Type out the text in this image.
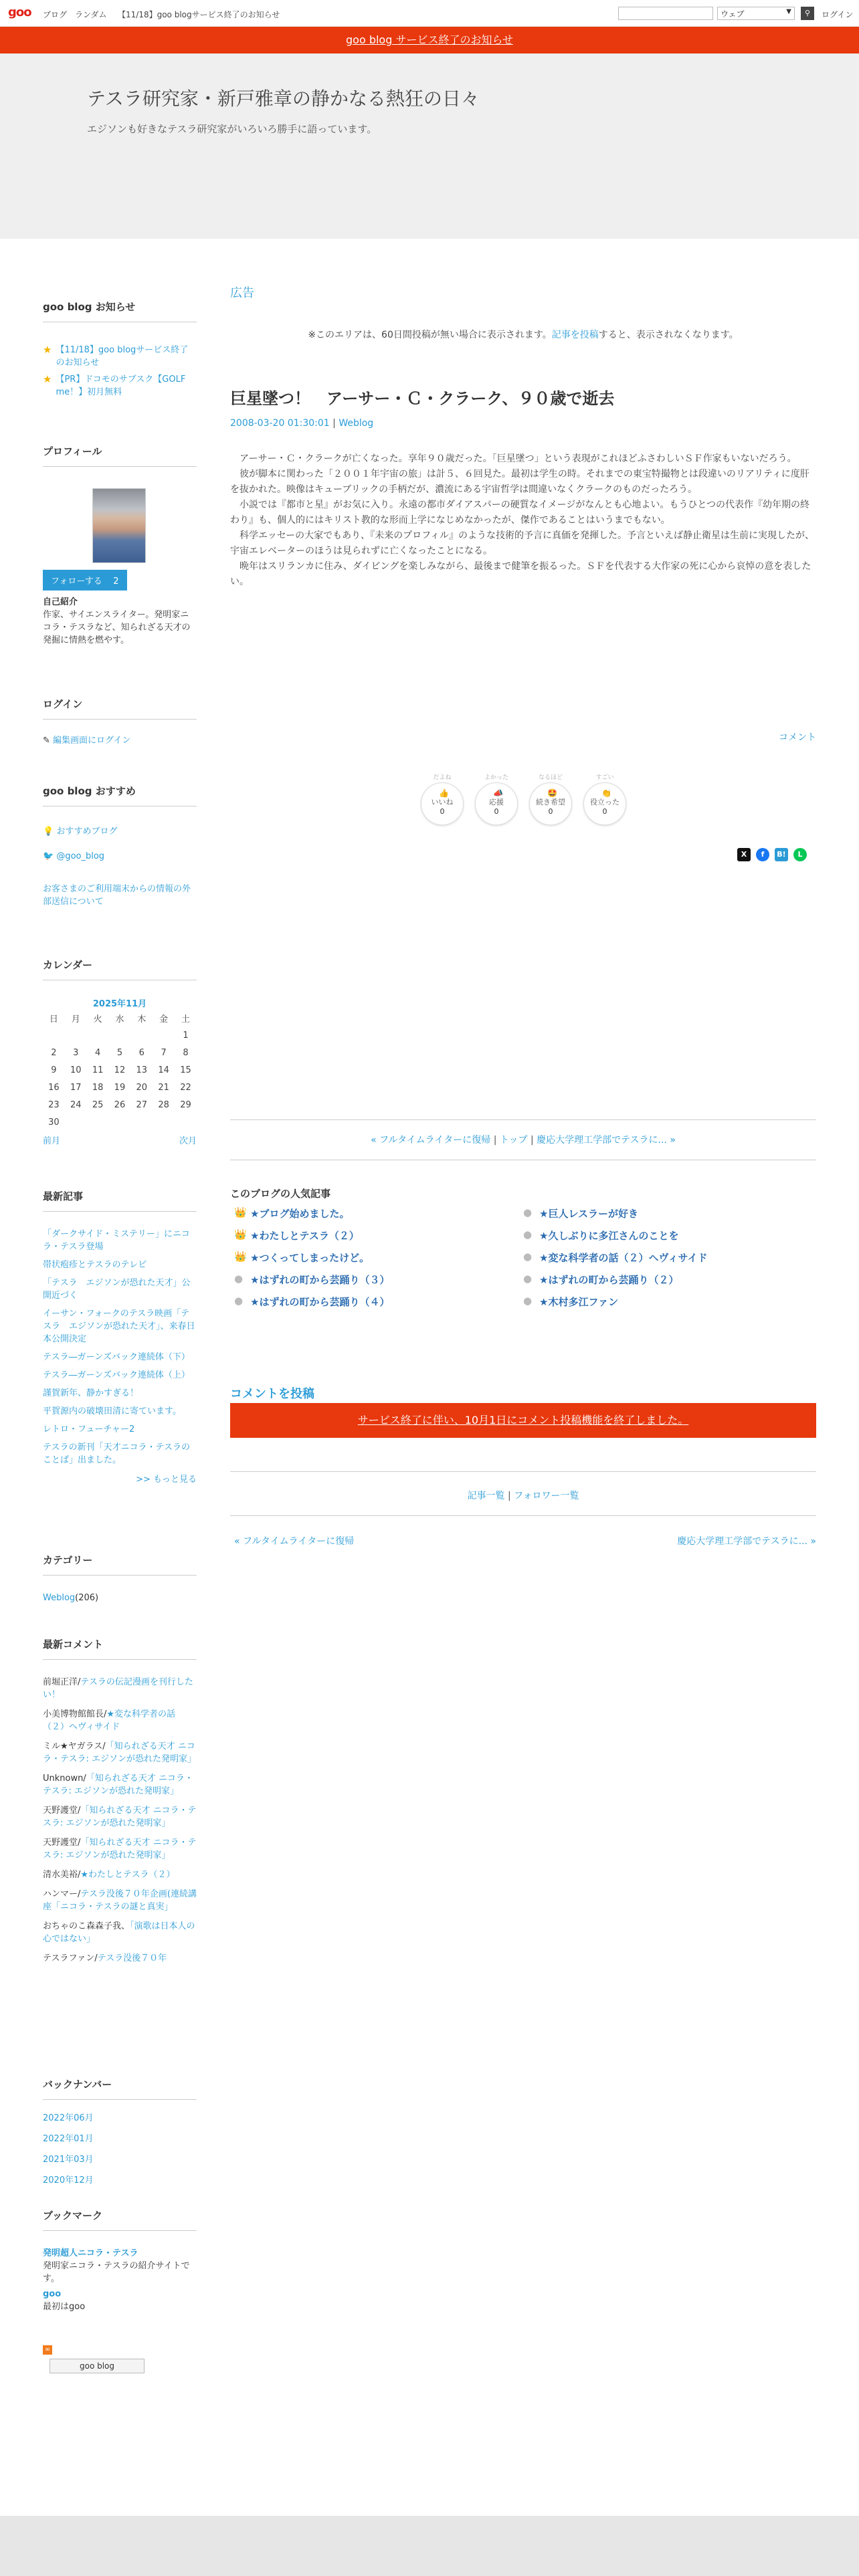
goo ブログ ランダム 【11/18】goo blogサービス終了のお知らせ	ウェブ	▼	⚲	ログイン
goo blog サービス終了のお知らせ
テスラ研究家・新戸雅章の静かなる熱狂の日々
エジソンも好きなテスラ研究家がいろいろ勝手に語っています。
goo blog お知らせ
★ 【11/18】goo blogサービス終了のお知らせ
★ 【PR】ドコモのサブスク【GOLF me！】初月無料
プロフィール
フォローする 2
自己紹介
作家、サイエンスライター。発明家ニコラ・テスラなど、知られざる天才の発掘に情熱を燃やす。
ログイン
✎ 編集画面にログイン
goo blog おすすめ
💡 おすすめブログ
🐦 @goo_blog
お客さまのご利用端末からの情報の外部送信について
カレンダー
2025年11月
日	月	火	水	木	金	土
						1
2	3	4	5	6	7	8
9	10	11	12	13	14	15
16	17	18	19	20	21	22
23	24	25	26	27	28	29
30						
前月	次月
最新記事
「ダークサイド・ミステリー」にニコラ・テスラ登場
帯状疱疹とテスラのテレビ
「テスラ　エジソンが恐れた天才」公開近づく
イーサン・フォークのテスラ映画「テスラ　エジソンが恐れた天才」、来春日本公開決定
テスラ―ガーンズバック連続体（下）
テスラ―ガーンズバック連続体（上）
謹賀新年、静かすぎる！
平賀源内の破壊田清に寄ています。
レトロ・フューチャー2
テスラの新刊「天才ニコラ・テスラのことば」出ました。
>> もっと見る
カテゴリー
Weblog(206)
最新コメント
前堀正洋/テスラの伝記漫画を刊行したい！
小美博物館館長/★変な科学者の話（２）ヘヴィサイド
ミル★ヤガラス/「知られざる天才 ニコラ・テスラ: エジソンが恐れた発明家」
Unknown/「知られざる天才 ニコラ・テスラ: エジソンが恐れた発明家」
天野護堂/「知られざる天才 ニコラ・テスラ: エジソンが恐れた発明家」
天野護堂/「知られざる天才 ニコラ・テスラ: エジソンが恐れた発明家」
清水美裕/★わたしとテスラ（２）
ハンマー/テスラ没後７０年企画(連続講座「ニコラ・テスラの謎と真実」
おちゃのこ森森子我、「演歌は日本人の心ではない」
テスラファン/テスラ没後７０年
バックナンバー
2022年06月
2022年01月
2021年03月
2020年12月
ブックマーク
発明超人ニコラ・テスラ
発明家ニコラ・テスラの紹介サイトです。
goo
最初はgoo
∞
goo blog
広告
※このエリアは、60日間投稿が無い場合に表示されます。記事を投稿すると、表示されなくなります。
巨星墜つ！　アーサー・Ｃ・クラーク、９０歳で逝去
2008-03-20 01:30:01 | Weblog

アーサー・Ｃ・クラークが亡くなった。享年９０歳だった。「巨星墜つ」という表現がこれほどふさわしいＳＦ作家もいないだろう。

彼が脚本に関わった「２００１年宇宙の旅」は計５、６回見た。最初は学生の時。それまでの東宝特撮物とは段違いのリアリティに度肝を抜かれた。映像はキューブリックの手柄だが、濃流にある宇宙哲学は間違いなくクラークのものだったろう。

小説では『都市と星』がお気に入り。永遠の都市ダイアスパーの硬質なイメージがなんとも心地よい。もうひとつの代表作『幼年期の終わり』も、個人的にはキリスト教的な形而上学になじめなかったが、傑作であることはいうまでもない。

科学エッセーの大家でもあり、『未来のプロフィル』のような技術的予言に真価を発揮した。予言といえば静止衛星は生前に実現したが、宇宙エレベーターのほうは見られずに亡くなったことになる。

晩年はスリランカに住み、ダイビングを楽しみながら、最後まで健筆を振るった。ＳＦを代表する大作家の死に心から哀悼の意を表したい。

コメント
だよね
👍
いいね
0
よかった
📣
応援
0
なるほど
🤩
続き希望
0
すごい
👏
役立った
0
X	f	B!	L
« フルタイムライターに復帰 | トップ | 慶応大学理工学部でテスラに... »
このブログの人気記事
👑 ★ブログ始めました。
👑 ★わたしとテスラ（２）
👑 ★つくってしまったけど。
● ★はずれの町から芸踊り（３）
● ★はずれの町から芸踊り（４）
● ★巨人レスラーが好き
● ★久しぶりに多江さんのことを
● ★変な科学者の話（２）ヘヴィサイド
● ★はずれの町から芸踊り（２）
● ★木村多江ファン
コメントを投稿
サービス終了に伴い、10月1日にコメント投稿機能を終了しました。
記事一覧 | フォロワー一覧
« フルタイムライターに復帰	慶応大学理工学部でテスラに... »
